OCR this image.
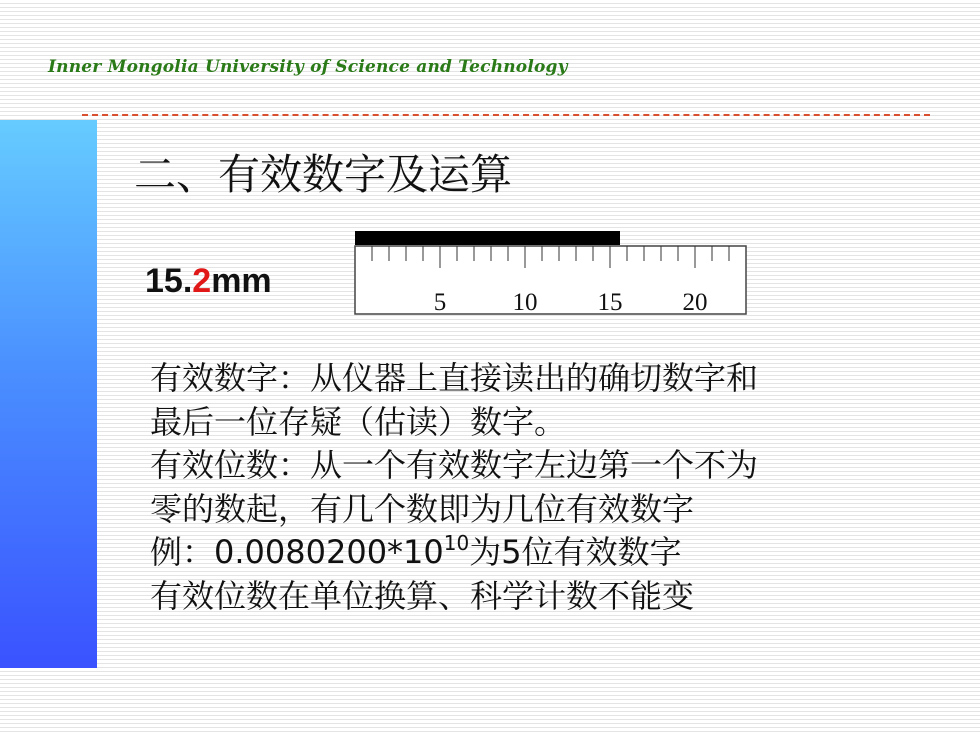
Inner Mongolia University of Science and Technology
二、有效数字及运算
15.2mm
5	10 15 20
有效数字：从仪器上直接读出的确切数字和
最后一位存疑（估读）数字。
有效位数：从一个有效数字左边第一个不为
零的数起，有几个数即为几位有效数字
例：$0.0080200*10^{10}$为5位有效数字
有效位数在单位换算、科学计数不能变
